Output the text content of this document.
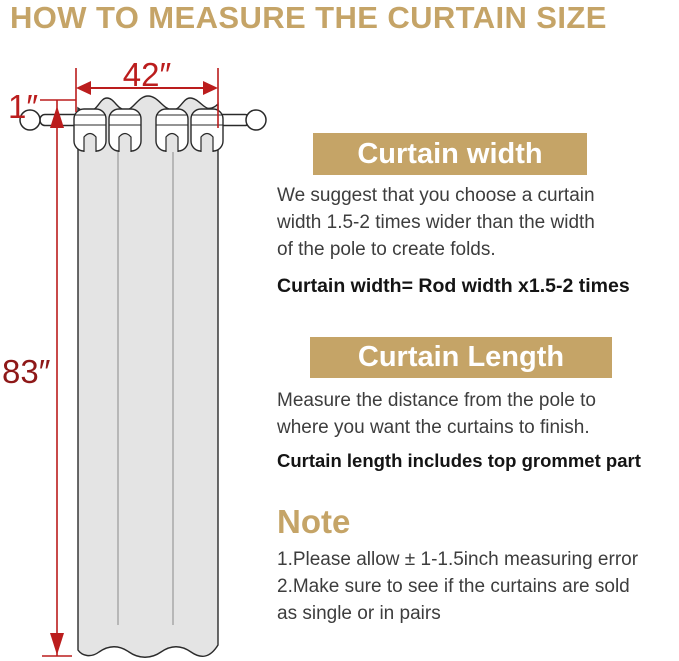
HOW TO MEASURE THE CURTAIN SIZE
42″
1″
83″
Curtain width
We suggest that you choose a curtain
width 1.5-2 times wider than the width
of the pole to create folds.
Curtain width= Rod width x1.5-2 times
Curtain Length
Measure the distance from the pole to
where you want the curtains to finish.
Curtain length includes top grommet part
Note
1.Please allow ± 1-1.5inch measuring error
2.Make sure to see if the curtains are sold
as single or in pairs
